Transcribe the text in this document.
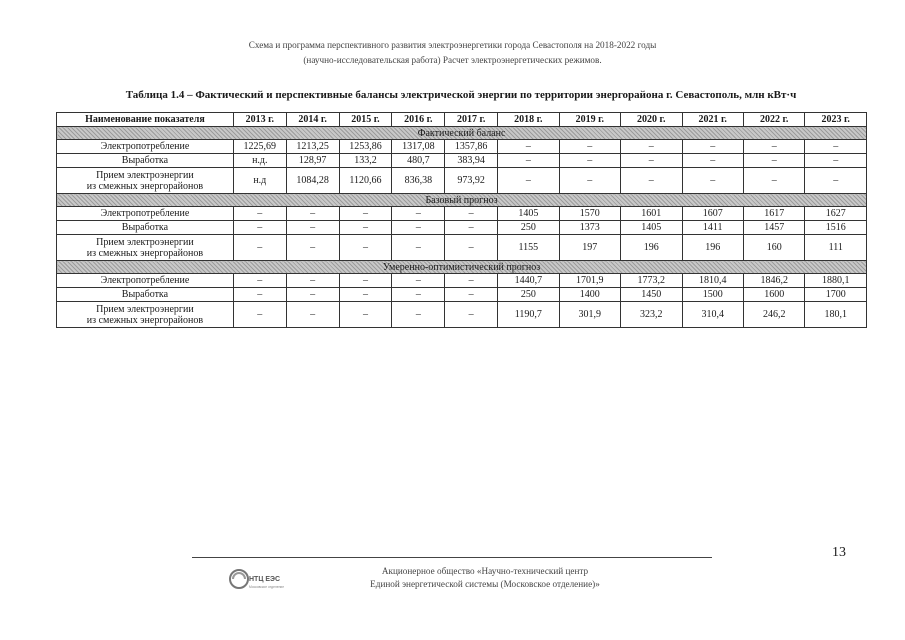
Схема и программа перспективного развития электроэнергетики города Севастополя на 2018-2022 годы
(научно-исследовательская работа) Расчет электроэнергетических режимов.
Таблица 1.4 – Фактический и перспективные балансы электрической энергии по территории энергорайона г. Севастополь, млн кВт·ч
Наименование показателя	2013 г.	2014 г.	2015 г.	2016 г.	2017 г.	2018 г.	2019 г.	2020 г.	2021 г.	2022 г.	2023 г.
Фактический баланс											

Электропотребление	1225,69	1213,25	1253,86	1317,08	1357,86	–	–	–	–	–	–

Выработка	н.д.	128,97	133,2	480,7	383,94	–	–	–	–	–	–

Прием электроэнергии
из смежных энергорайонов	н.д	1084,28	1120,66	836,38	973,92	–	–	–	–	–	–
Базовый прогноз											

Электропотребление	–	–	–	–	–	1405	1570	1601	1607	1617	1627

Выработка	–	–	–	–	–	250	1373	1405	1411	1457	1516

Прием электроэнергии
из смежных энергорайонов	–	–	–	–	–	1155	197	196	196	160	111
Умеренно-оптимистический прогноз											

Электропотребление	–	–	–	–	–	1440,7	1701,9	1773,2	1810,4	1846,2	1880,1

Выработка	–	–	–	–	–	250	1400	1450	1500	1600	1700

Прием электроэнергии
из смежных энергорайонов	–	–	–	–	–	1190,7	301,9	323,2	310,4	246,2	180,1
13
НТЦ ЕЭС
Московское отделение
Акционерное общество «Научно-технический центр
Единой энергетической системы (Московское отделение)»
